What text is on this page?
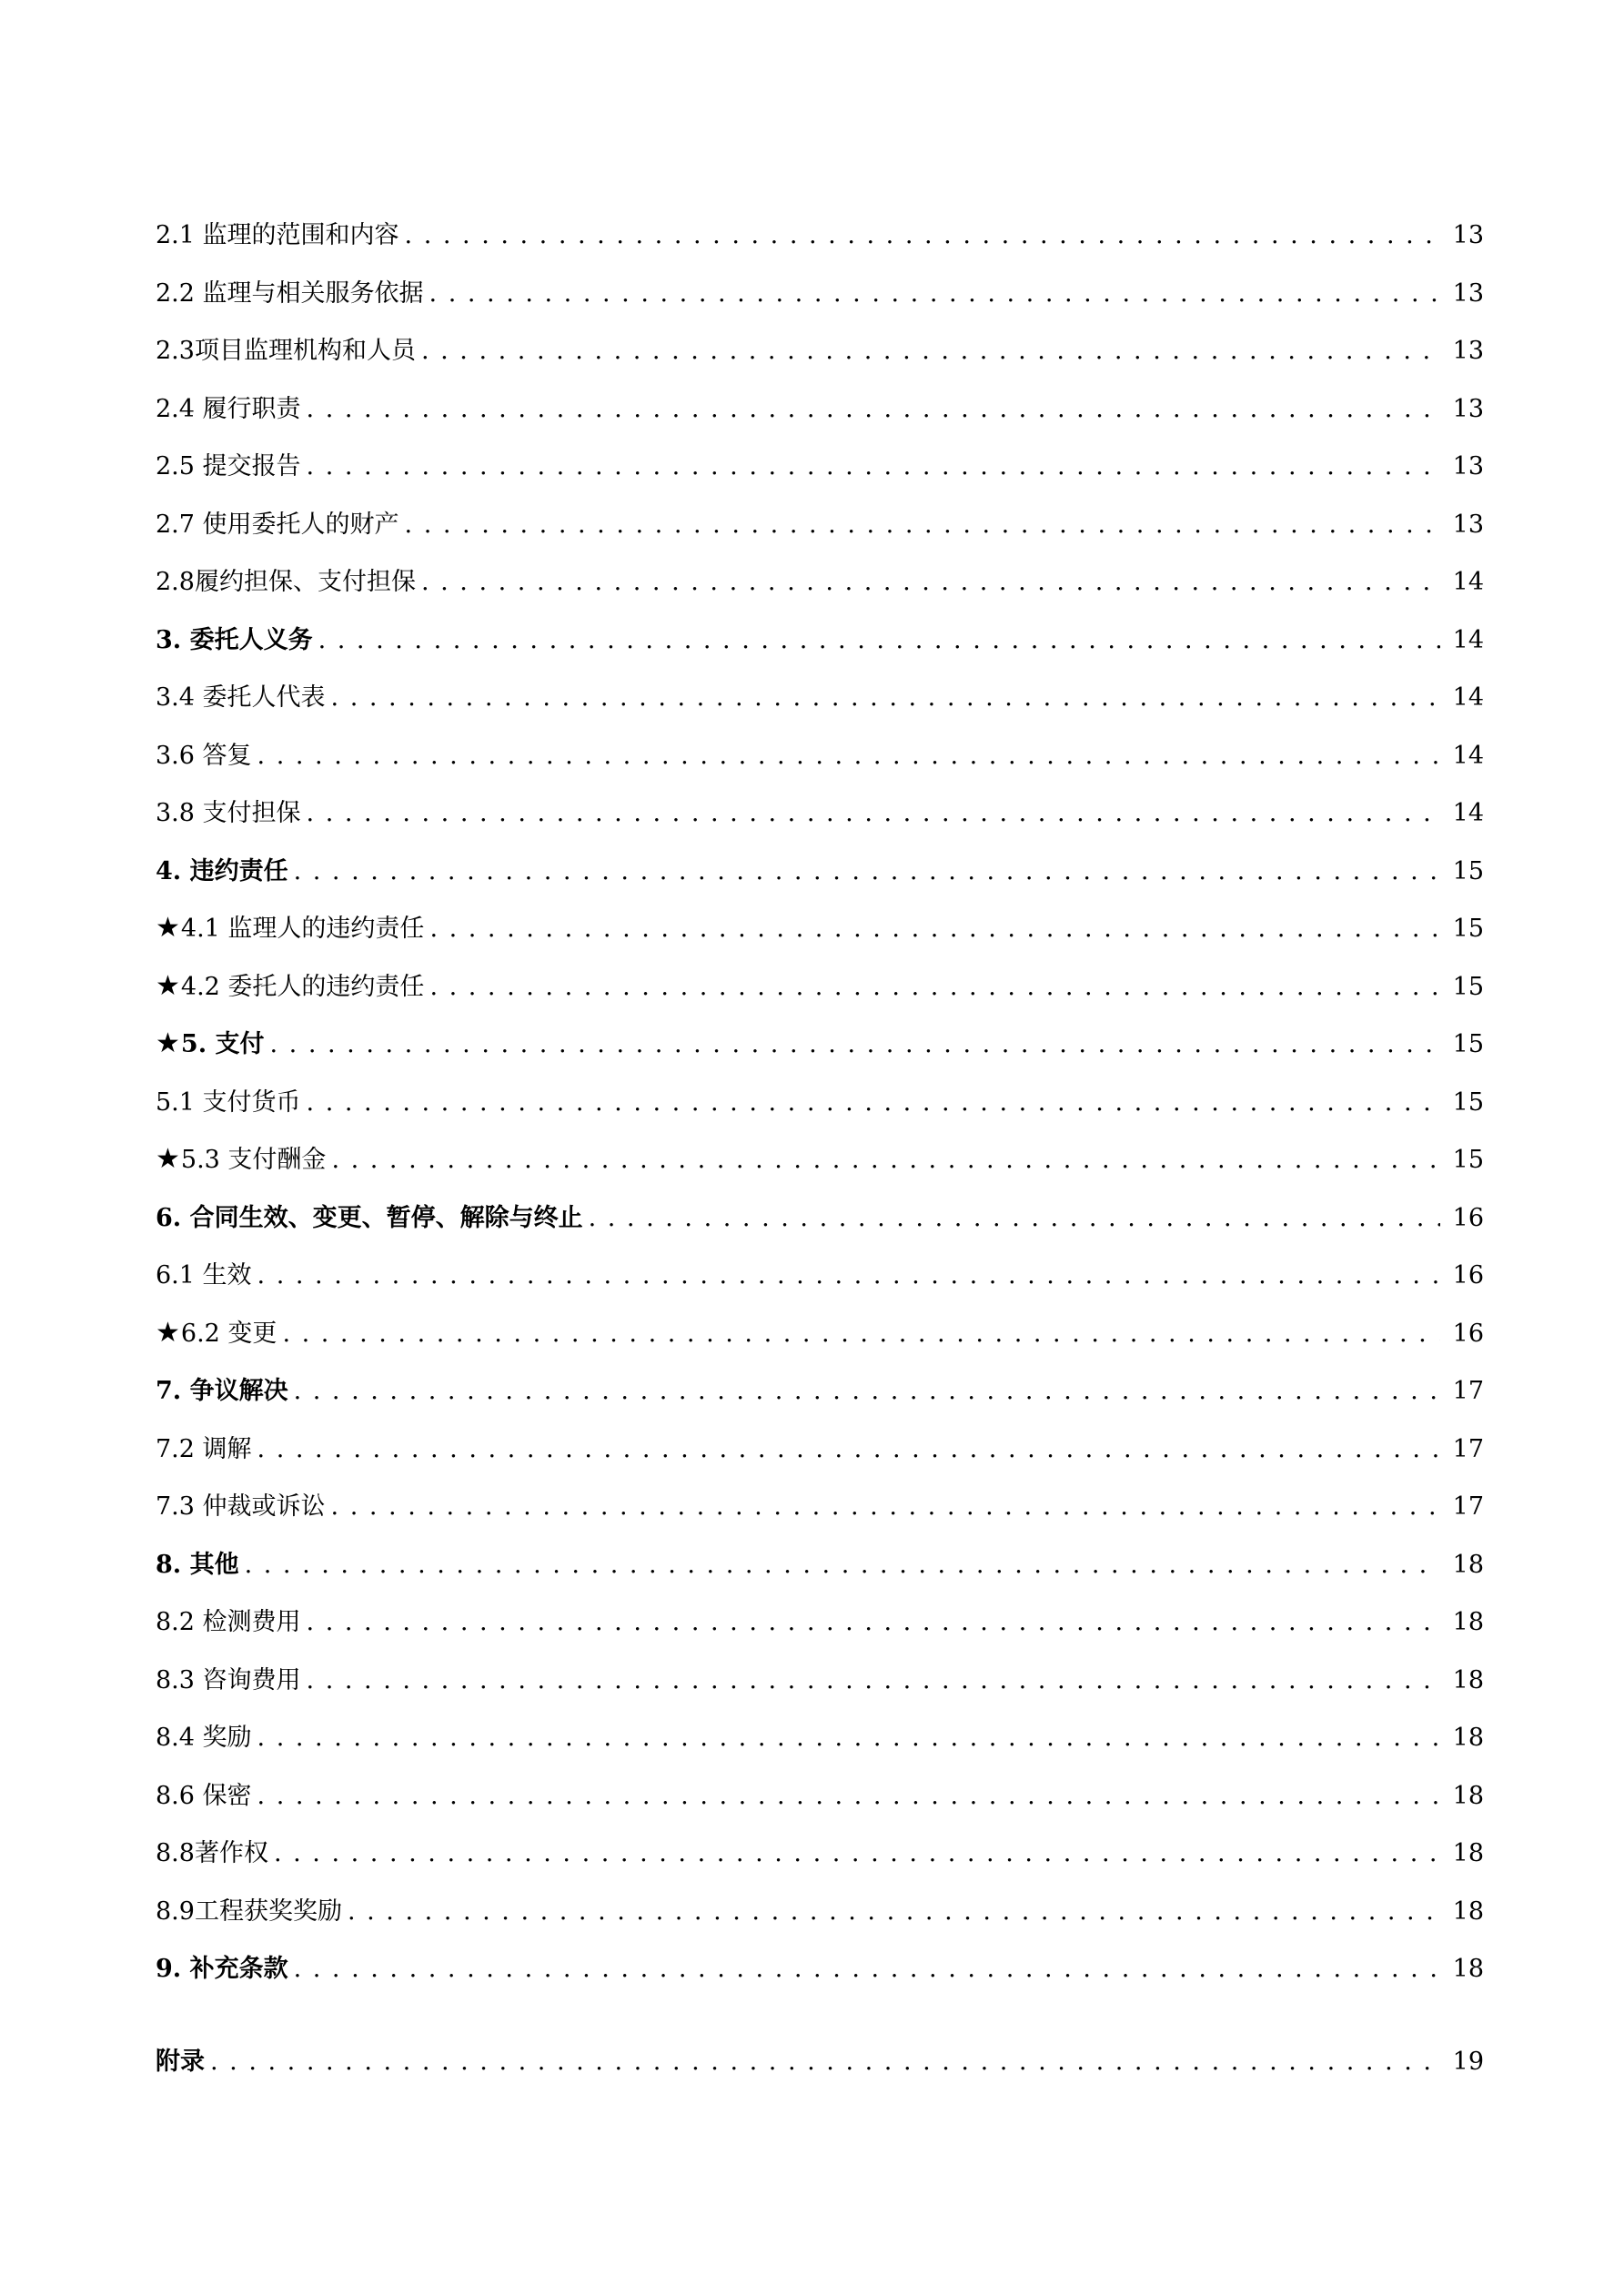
2.1 监理的范围和内容 . . .	13
2.2 监理与相关服务依据 . . .	13
2.3项目监理机构和人员 . . .	13
2.4 履行职责 . . .	13
2.5 提交报告 . . .	13
2.7 使用委托人的财产 . . .	13
2.8履约担保、支付担保 . . .	14
3. 委托人义务 . . .	14
3.4 委托人代表 . . .	14
3.6 答复 . . .	14
3.8 支付担保 . . .	14
4. 违约责任 . . .	15
★ 4.1 监理人的违约责任 . . .	15
★ 4.2 委托人的违约责任 . . .	15
★ 5. 支付 . . .	15
5.1 支付货币 . . .	15
★ 5.3 支付酬金 . . .	15
6. 合同生效、变更、暂停、解除与终止 . . .	16
6.1 生效 . . .	16
★ 6.2 变更 . . .	16
7. 争议解决 . . .	17
7.2 调解 . . .	17
7.3 仲裁或诉讼 . . .	17
8. 其他 . . .	18
8.2 检测费用 . . .	18
8.3 咨询费用 . . .	18
8.4 奖励 . . .	18
8.6 保密 . . .	18
8.8著作权 . . .	18
8.9工程获奖奖励 . . .	18
9. 补充条款 . . .	18
附录 . . .	19
